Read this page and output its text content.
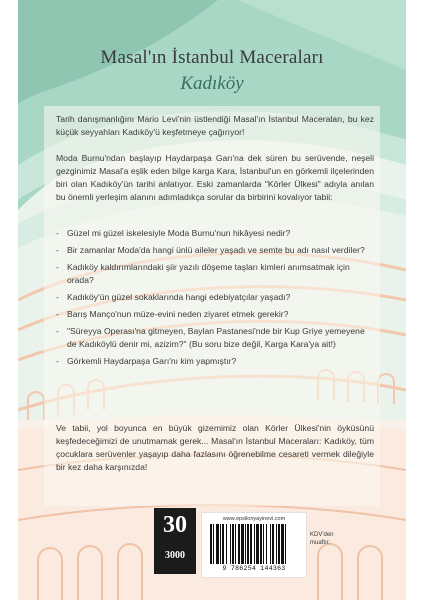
Masal'ın İstanbul Maceraları
Kadıköy
Tarih danışmanlığını Mario Levi'nin üstlendiği Masal'ın İstanbul Maceraları, bu kez küçük seyyahları Kadıköy'ü keşfetmeye çağırıyor!
Moda Burnu'ndan başlayıp Haydarpaşa Garı'na dek süren bu serüvende, neşeli gezginimiz Masal'a eşlik eden bilge karga Kara, İstanbul'un en görkemli ilçelerinden biri olan Kadıköy'ün tarihi anlatıyor. Eski zamanlarda "Körler Ülkesi" adıyla anılan bu önemli yerleşim alanını adımladıkça sorular da birbirini kovalıyor tabii:
- Güzel mi güzel iskelesiyle Moda Burnu'nun hikâyesi nedir?
- Bir zamanlar Moda'da hangi ünlü aileler yaşadı ve semte bu adı nasıl verdiler?
- Kadıköy kaldırımlarındaki şiir yazılı döşeme taşları kimleri anımsatmak için orada?
- Kadıköy'ün güzel sokaklarında hangi edebiyatçılar yaşadı?
- Barış Manço'nun müze-evini neden ziyaret etmek gerekir?
- "Süreyya Operası'na gitmeyen, Baylan Pastanesi'nde bir Kup Griye yemeyene de Kadıköylü denir mi, azizim?" (Bu soru bize değil, Karga Kara'ya ait!)
- Görkemli Haydarpaşa Garı'nı kim yapmıştır?
Ve tabii, yol boyunca en büyük gizemimiz olan Körler Ülkesi'nin öyküsünü keşfedeceğimizi de unutmamak gerek... Masal'ın İstanbul Maceraları: Kadıköy, tüm çocuklara serüvenler yaşayıp daha fazlasını öğrenebilme cesareti vermek dileğiyle bir kez daha karşınızda!
30
3000
www.epsilonyayinevi.com
9 786254 144363
KDV'den muaftır.
